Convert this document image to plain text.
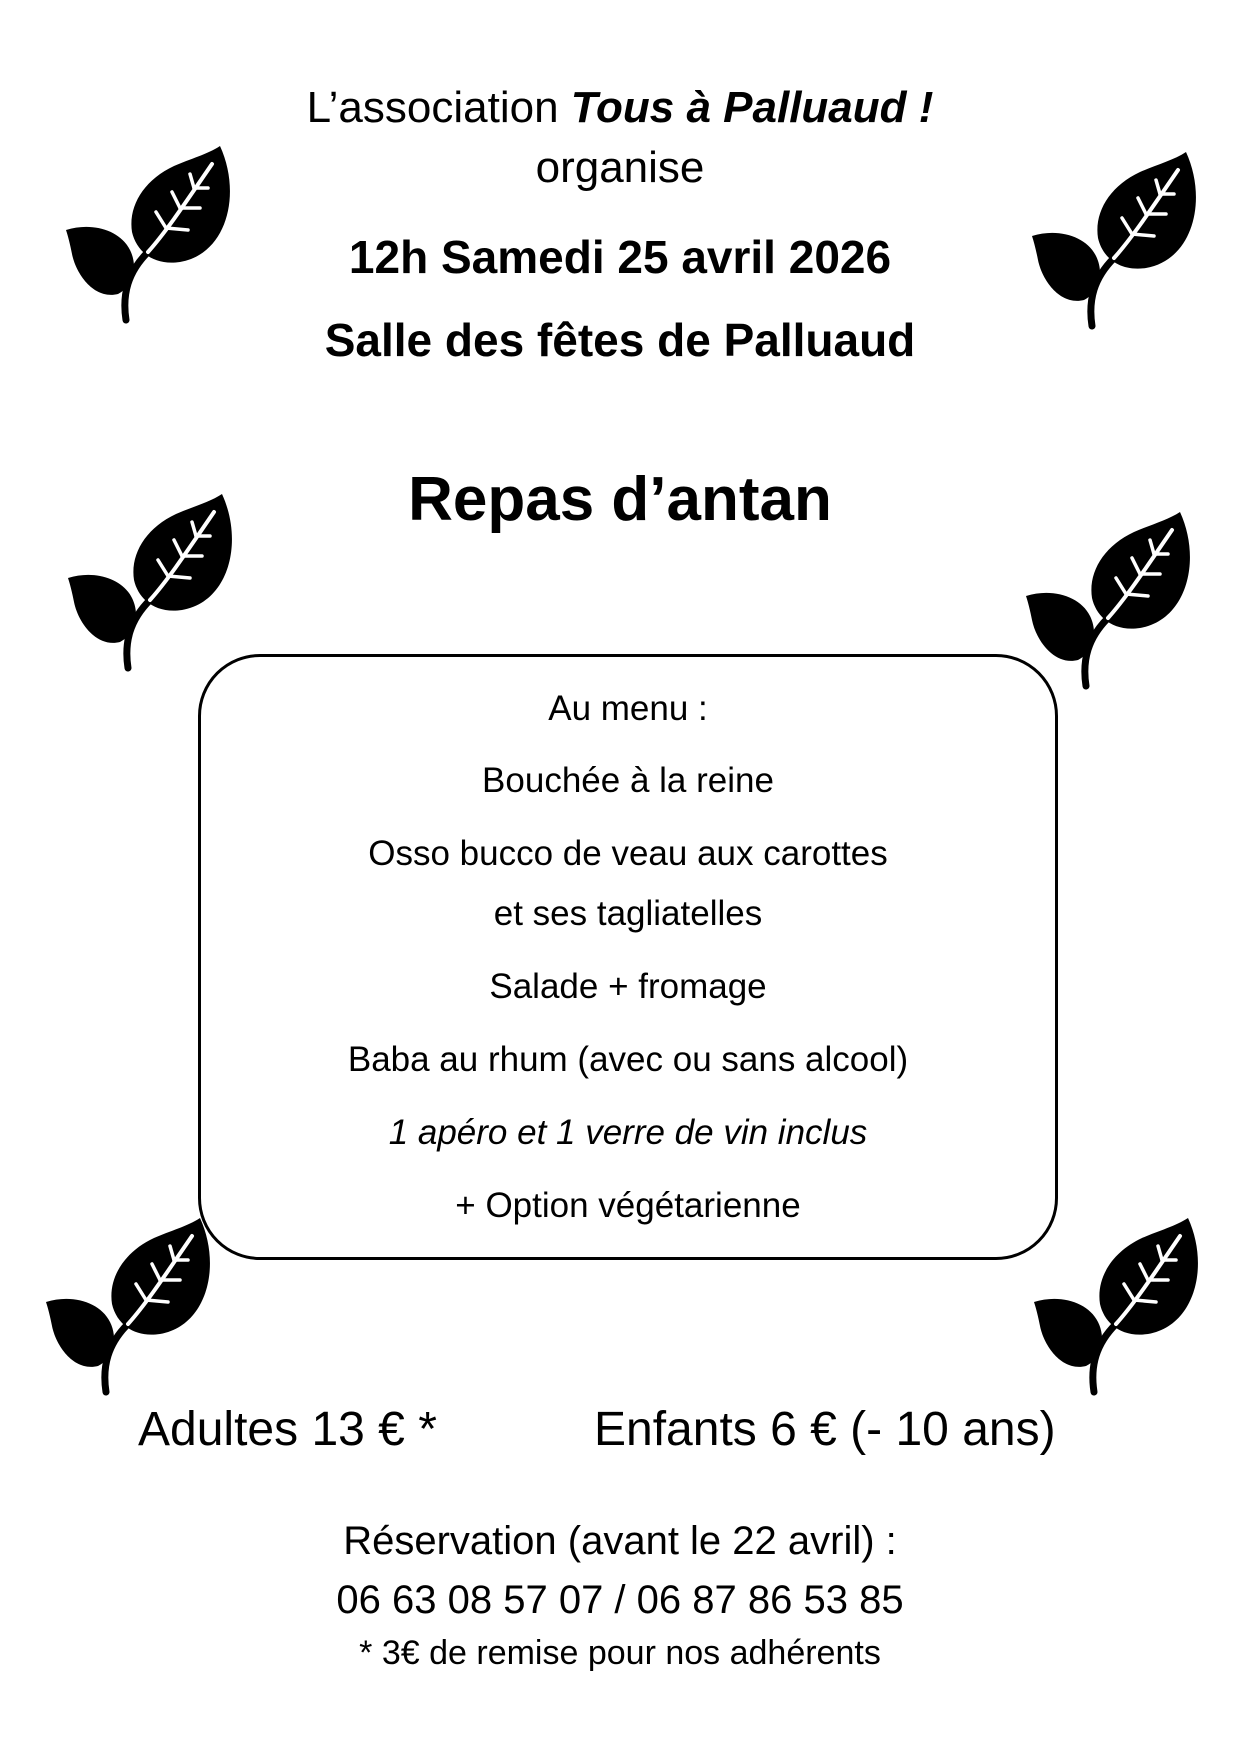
L’association Tous à Palluaud !
organise
12h Samedi 25 avril 2026
Salle des fêtes de Palluaud
Repas d’antan
Au menu :
Bouchée à la reine
Osso bucco de veau aux carottes
et ses tagliatelles
Salade + fromage
Baba au rhum (avec ou sans alcool)
1 apéro et 1 verre de vin inclus
+ Option végétarienne
Adultes 13 € *	Enfants 6 € (- 10 ans)
Réservation (avant le 22 avril) :
06 63 08 57 07 / 06 87 86 53 85
* 3€ de remise pour nos adhérents
